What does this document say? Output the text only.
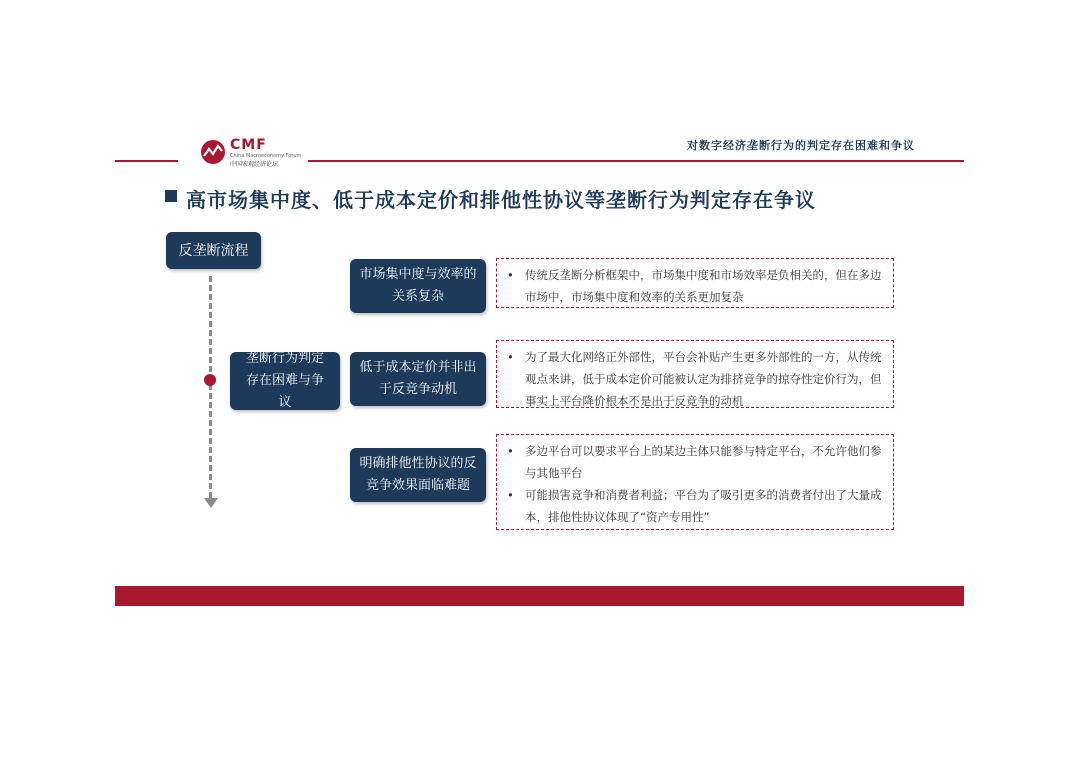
CMF
China Macroeconomy Forum
中国宏观经济论坛
对数字经济垄断行为的判定存在困难和争议
高市场集中度、低于成本定价和排他性协议等垄断行为判定存在争议
反垄断流程
垄断行为判定存在困难与争议
市场集中度与效率的关系复杂
低于成本定价并非出于反竞争动机
明确排他性协议的反竞争效果面临难题
• 传统反垄断分析框架中，市场集中度和市场效率是负相关的，但在多边市场中，市场集中度和效率的关系更加复杂
• 为了最大化网络正外部性，平台会补贴产生更多外部性的一方，从传统观点来讲，低于成本定价可能被认定为排挤竞争的掠夺性定价行为，但事实上平台降价根本不是出于反竞争的动机
• 多边平台可以要求平台上的某边主体只能参与特定平台，不允许他们参与其他平台
• 可能损害竞争和消费者利益；平台为了吸引更多的消费者付出了大量成本，排他性协议体现了“资产专用性”
